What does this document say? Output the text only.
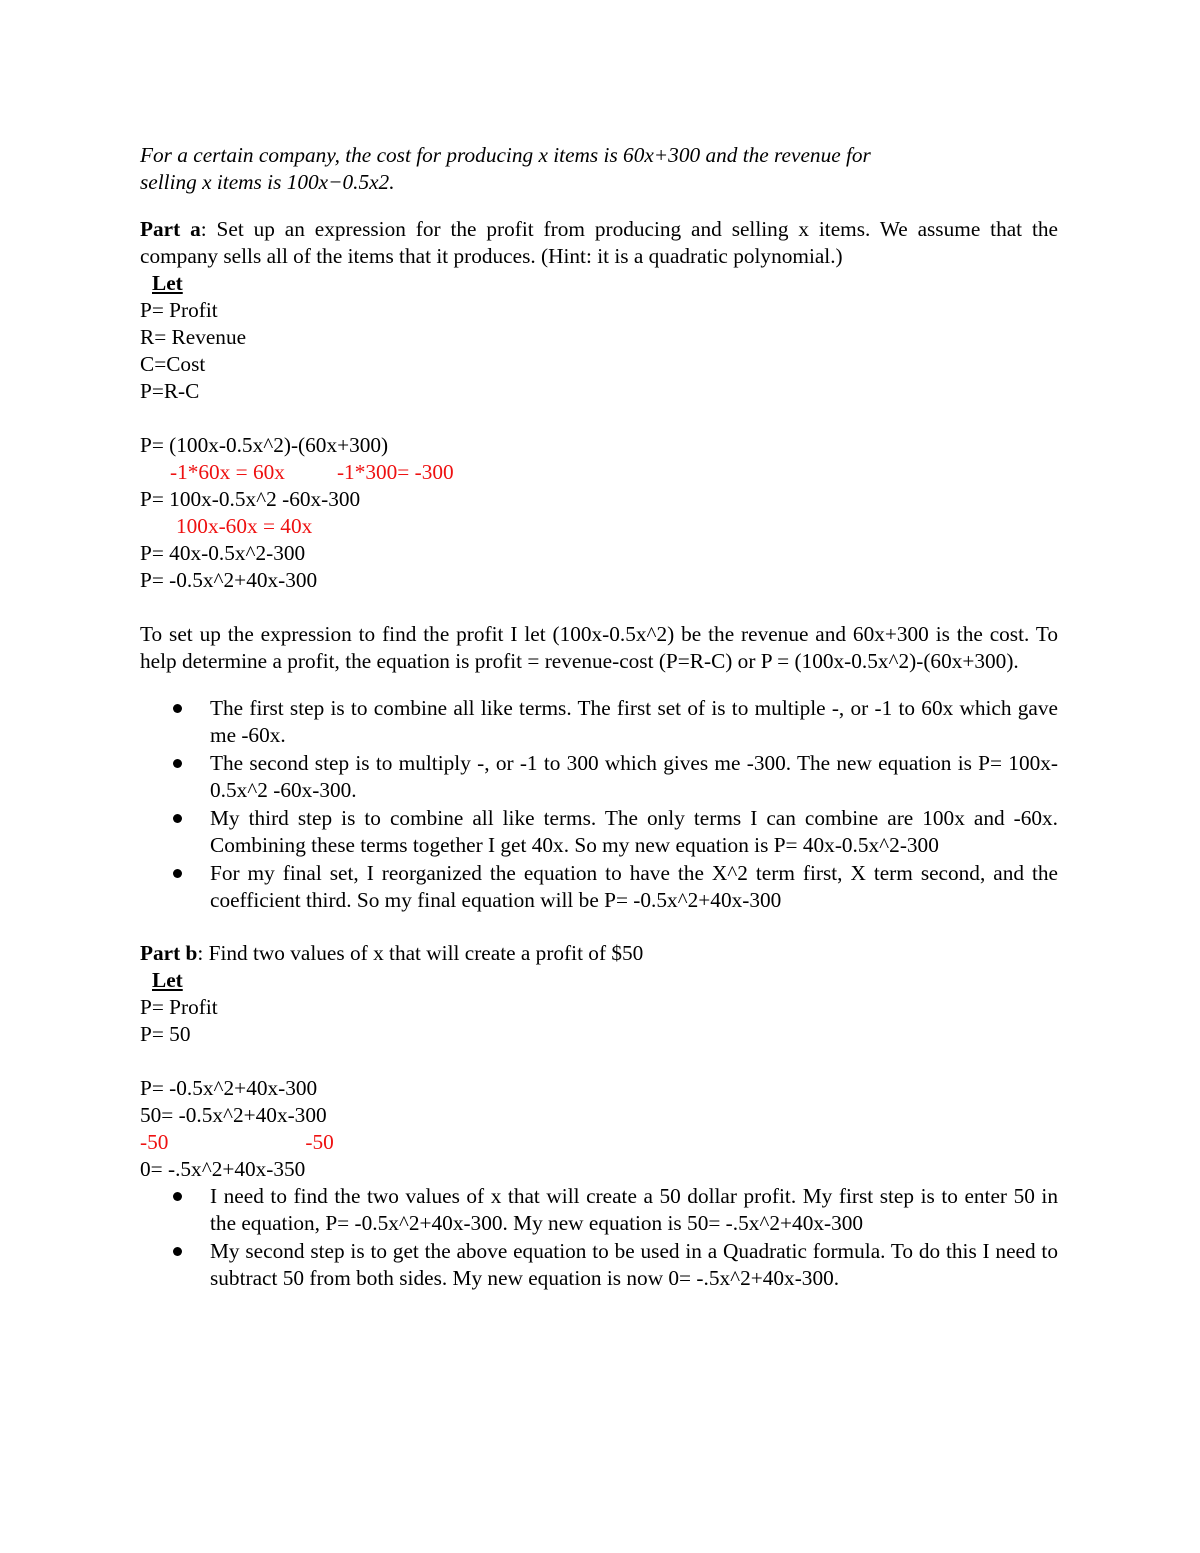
For a certain company, the cost for producing x items is 60x+300 and the revenue for
selling x items is 100x−0.5x2.

Part a: Set up an expression for the profit from producing and selling x items. We assume that the company sells all of the items that it produces. (Hint: it is a quadratic polynomial.)

Let
P= Profit
R= Revenue
C=Cost
P=R-C
P= (100x-0.5x^2)-(60x+300)
-1*60x = 60x -1*300= -300
P= 100x-0.5x^2 -60x-300
100x-60x = 40x
P= 40x-0.5x^2-300
P= -0.5x^2+40x-300

To set up the expression to find the profit I let (100x-0.5x^2) be the revenue and 60x+300 is the cost. To help determine a profit, the equation is profit = revenue-cost (P=R-C) or P = (100x-0.5x^2)-(60x+300).

The first step is to combine all like terms. The first set of is to multiple -, or -1 to 60x which gave me -60x.
The second step is to multiply -, or -1 to 300 which gives me -300. The new equation is P= 100x-0.5x^2 -60x-300.
My third step is to combine all like terms. The only terms I can combine are 100x and -60x. Combining these terms together I get 40x. So my new equation is P= 40x-0.5x^2-300
For my final set, I reorganized the equation to have the X^2 term first, X term second, and the coefficient third. So my final equation will be P= -0.5x^2+40x-300

Part b: Find two values of x that will create a profit of $50

Let
P= Profit
P= 50
P= -0.5x^2+40x-300
50= -0.5x^2+40x-300
-50	-50
0= -.5x^2+40x-350
I need to find the two values of x that will create a 50 dollar profit. My first step is to enter 50 in the equation, P= -0.5x^2+40x-300. My new equation is 50= -.5x^2+40x-300
My second step is to get the above equation to be used in a Quadratic formula. To do this I need to subtract 50 from both sides. My new equation is now 0= -.5x^2+40x-300.
